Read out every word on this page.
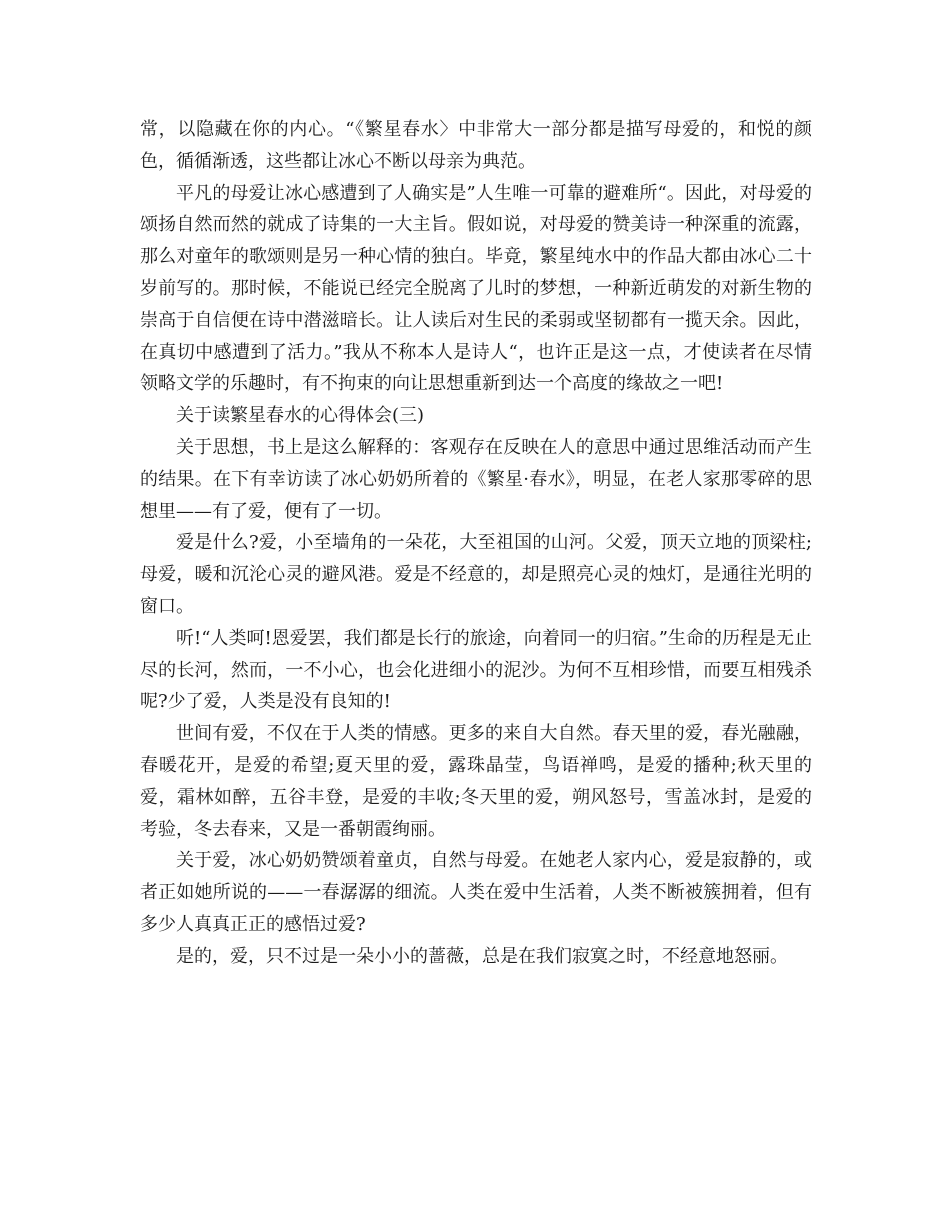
常，以隐藏在你的内心。“《繁星春水〉中非常大一部分都是描写母爱的，和悦的颜色，循循渐透，这些都让冰心不断以母亲为典范。

平凡的母爱让冰心感遭到了人确实是”人生唯一可靠的避难所“。因此，对母爱的颂扬自然而然的就成了诗集的一大主旨。假如说，对母爱的赞美诗一种深重的流露，那么对童年的歌颂则是另一种心情的独白。毕竟，繁星纯水中的作品大都由冰心二十岁前写的。那时候，不能说已经完全脱离了儿时的梦想，一种新近萌发的对新生物的崇高于自信便在诗中潜滋暗长。让人读后对生民的柔弱或坚韧都有一揽天余。因此，在真切中感遭到了活力。”我从不称本人是诗人“，也许正是这一点，才使读者在尽情领略文学的乐趣时，有不拘束的向让思想重新到达一个高度的缘故之一吧!

关于读繁星春水的心得体会(三)

关于思想，书上是这么解释的：客观存在反映在人的意思中通过思维活动而产生的结果。在下有幸访读了冰心奶奶所着的《繁星·春水》，明显，在老人家那零碎的思想里——有了爱，便有了一切。

爱是什么?爱，小至墙角的一朵花，大至祖国的山河。父爱，顶天立地的顶梁柱;母爱，暖和沉沦心灵的避风港。爱是不经意的，却是照亮心灵的烛灯，是通往光明的窗口。

听!“人类呵!恩爱罢，我们都是长行的旅途，向着同一的归宿。”生命的历程是无止尽的长河，然而，一不小心，也会化进细小的泥沙。为何不互相珍惜，而要互相残杀呢?少了爱，人类是没有良知的!

世间有爱，不仅在于人类的情感。更多的来自大自然。春天里的爱，春光融融，春暖花开，是爱的希望;夏天里的爱，露珠晶莹，鸟语禅鸣，是爱的播种;秋天里的爱，霜林如醉，五谷丰登，是爱的丰收;冬天里的爱，朔风怒号，雪盖冰封，是爱的考验，冬去春来，又是一番朝霞绚丽。

关于爱，冰心奶奶赞颂着童贞，自然与母爱。在她老人家内心，爱是寂静的，或者正如她所说的——一春潺潺的细流。人类在爱中生活着，人类不断被簇拥着，但有多少人真真正正的感悟过爱?

是的，爱，只不过是一朵小小的蔷薇，总是在我们寂寞之时，不经意地怒丽。
